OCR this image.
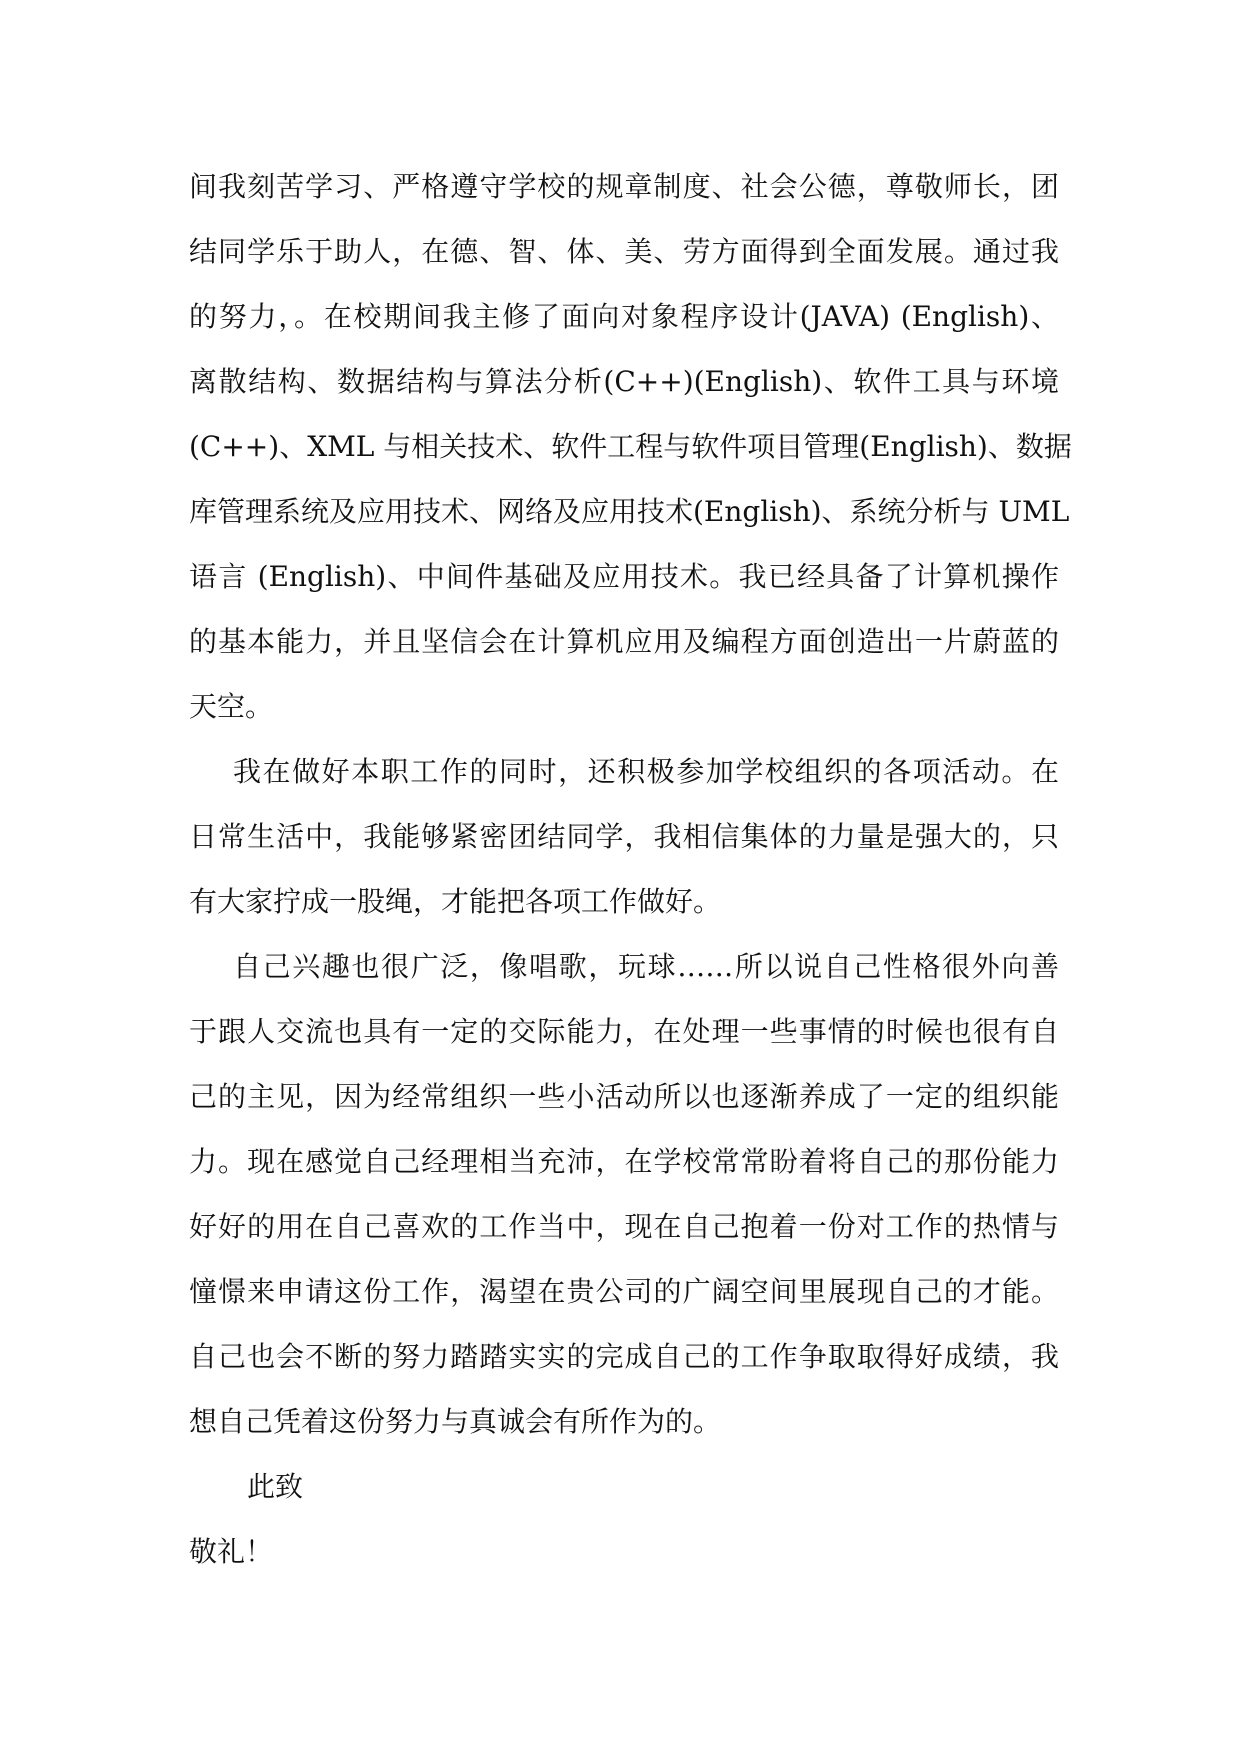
间我刻苦学习、严格遵守学校的规章制度、社会公德，尊敬师长，团
结同学乐于助人，在德、智、体、美、劳方面得到全面发展。通过我
的努力，。在校期间我主修了面向对象程序设计(JAVA) (English)、
离散结构、数据结构与算法分析(C++)(English)、软件工具与环境
(C++)、XML 与相关技术、软件工程与软件项目管理(English)、数据
库管理系统及应用技术、网络及应用技术(English)、系统分析与 UML
语言 (English)、中间件基础及应用技术。我已经具备了计算机操作
的基本能力，并且坚信会在计算机应用及编程方面创造出一片蔚蓝的
天空。
我在做好本职工作的同时，还积极参加学校组织的各项活动。在
日常生活中，我能够紧密团结同学，我相信集体的力量是强大的，只
有大家拧成一股绳，才能把各项工作做好。
自己兴趣也很广泛，像唱歌，玩球……所以说自己性格很外向善
于跟人交流也具有一定的交际能力，在处理一些事情的时候也很有自
己的主见，因为经常组织一些小活动所以也逐渐养成了一定的组织能
力。现在感觉自己经理相当充沛，在学校常常盼着将自己的那份能力
好好的用在自己喜欢的工作当中，现在自己抱着一份对工作的热情与
憧憬来申请这份工作，渴望在贵公司的广阔空间里展现自己的才能。
自己也会不断的努力踏踏实实的完成自己的工作争取取得好成绩，我
想自己凭着这份努力与真诚会有所作为的。
此致
敬礼！
